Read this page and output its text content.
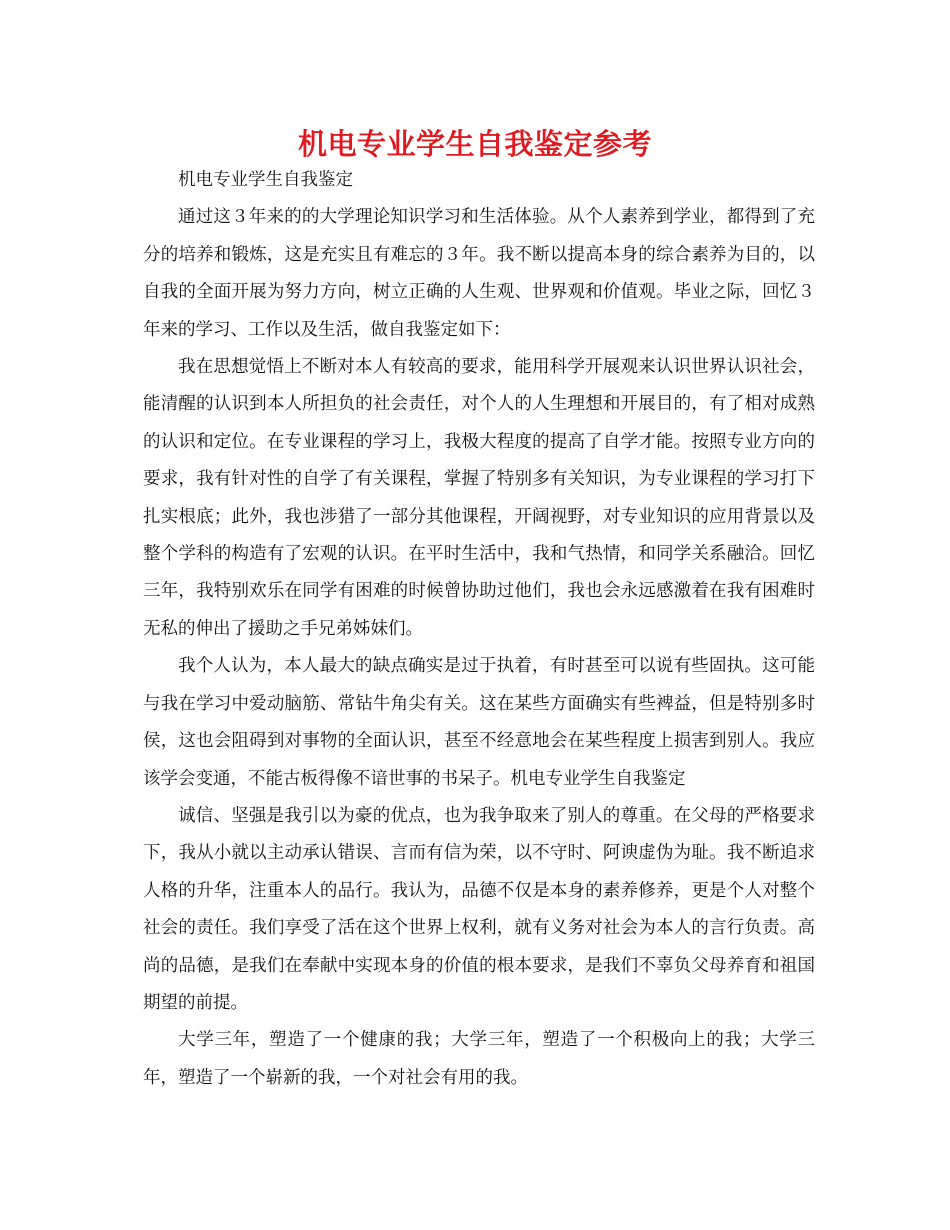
机电专业学生自我鉴定参考

机电专业学生自我鉴定

通过这３年来的的大学理论知识学习和生活体验。从个人素养到学业，都得到了充分的培养和锻炼，这是充实且有难忘的３年。我不断以提高本身的综合素养为目的，以自我的全面开展为努力方向，树立正确的人生观、世界观和价值观。毕业之际，回忆３年来的学习、工作以及生活，做自我鉴定如下：

我在思想觉悟上不断对本人有较高的要求，能用科学开展观来认识世界认识社会，能清醒的认识到本人所担负的社会责任，对个人的人生理想和开展目的，有了相对成熟的认识和定位。在专业课程的学习上，我极大程度的提高了自学才能。按照专业方向的要求，我有针对性的自学了有关课程，掌握了特别多有关知识，为专业课程的学习打下扎实根底；此外，我也涉猎了一部分其他课程，开阔视野，对专业知识的应用背景以及整个学科的构造有了宏观的认识。在平时生活中，我和气热情，和同学关系融洽。回忆三年，我特别欢乐在同学有困难的时候曾协助过他们，我也会永远感激着在我有困难时无私的伸出了援助之手兄弟姊妹们。

我个人认为，本人最大的缺点确实是过于执着，有时甚至可以说有些固执。这可能与我在学习中爱动脑筋、常钻牛角尖有关。这在某些方面确实有些裨益，但是特别多时侯，这也会阻碍到对事物的全面认识，甚至不经意地会在某些程度上损害到别人。我应该学会变通，不能古板得像不谙世事的书呆子。机电专业学生自我鉴定

诚信、坚强是我引以为豪的优点，也为我争取来了别人的尊重。在父母的严格要求下，我从小就以主动承认错误、言而有信为荣，以不守时、阿谀虚伪为耻。我不断追求人格的升华，注重本人的品行。我认为，品德不仅是本身的素养修养，更是个人对整个社会的责任。我们享受了活在这个世界上权利，就有义务对社会为本人的言行负责。高尚的品德，是我们在奉献中实现本身的价值的根本要求，是我们不辜负父母养育和祖国期望的前提。

大学三年，塑造了一个健康的我；大学三年，塑造了一个积极向上的我；大学三年，塑造了一个崭新的我，一个对社会有用的我。
